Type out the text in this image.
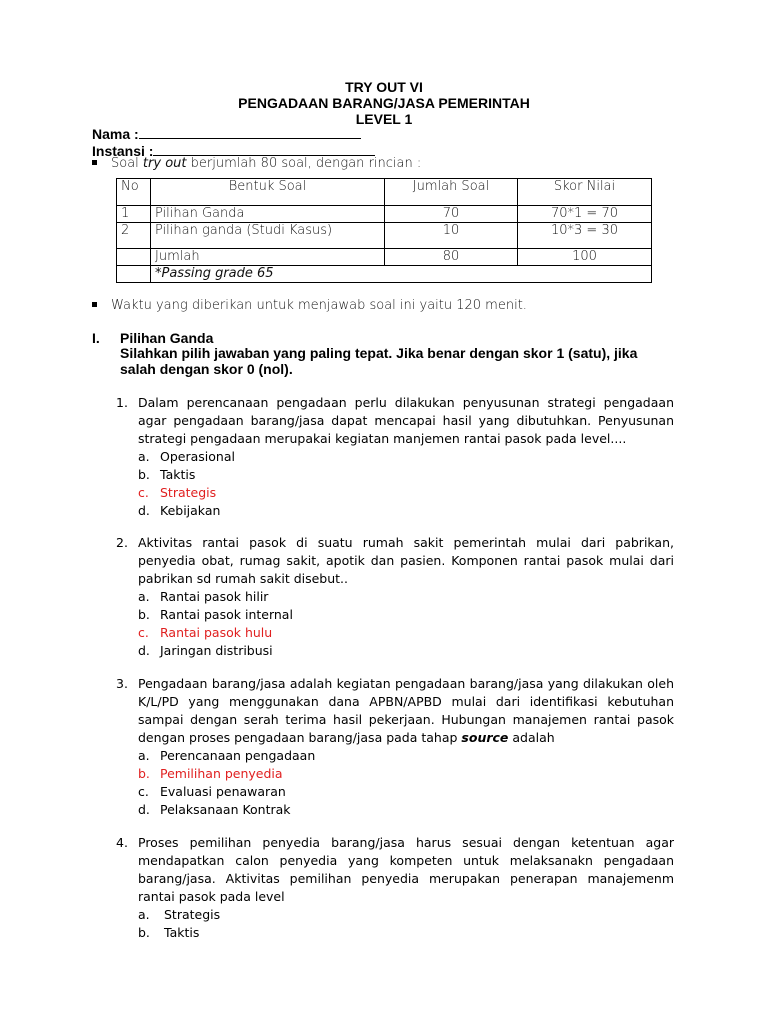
TRY OUT VI
PENGADAAN BARANG/JASA PEMERINTAH
LEVEL 1
Nama :
Instansi :
Soal try out berjumlah 80 soal, dengan rincian :
No	Bentuk Soal	Jumlah Soal	Skor Nilai
1	Pilihan Ganda	70	70*1 = 70
2	Pilihan ganda (Studi Kasus)	10	10*3 = 30
	Jumlah	80	100
	*Passing grade 65		
Waktu yang diberikan untuk menjawab soal ini yaitu 120 menit.
I. Pilihan Ganda
Silahkan pilih jawaban yang paling tepat. Jika benar dengan skor 1 (satu), jika salah dengan skor 0 (nol).
1. Dalam perencanaan pengadaan perlu dilakukan penyusunan strategi pengadaan agar pengadaan barang/jasa dapat mencapai hasil yang dibutuhkan. Penyusunan strategi pengadaan merupakai kegiatan manjemen rantai pasok pada level....
a. Operasional
b. Taktis
c. Strategis
d. Kebijakan
2. Aktivitas rantai pasok di suatu rumah sakit pemerintah mulai dari pabrikan, penyedia obat, rumag sakit, apotik dan pasien. Komponen rantai pasok mulai dari pabrikan sd rumah sakit disebut..
a. Rantai pasok hilir
b. Rantai pasok internal
c. Rantai pasok hulu
d. Jaringan distribusi
3. Pengadaan barang/jasa adalah kegiatan pengadaan barang/jasa yang dilakukan oleh K/L/PD yang menggunakan dana APBN/APBD mulai dari identifikasi kebutuhan sampai dengan serah terima hasil pekerjaan. Hubungan manajemen rantai pasok dengan proses pengadaan barang/jasa pada tahap source adalah
a. Perencanaan pengadaan
b. Pemilihan penyedia
c. Evaluasi penawaran
d. Pelaksanaan Kontrak
4. Proses pemilihan penyedia barang/jasa harus sesuai dengan ketentuan agar mendapatkan calon penyedia yang kompeten untuk melaksanakn pengadaan barang/jasa. Aktivitas pemilihan penyedia merupakan penerapan manajemenm rantai pasok pada level
a.	Strategis
b.	Taktis
